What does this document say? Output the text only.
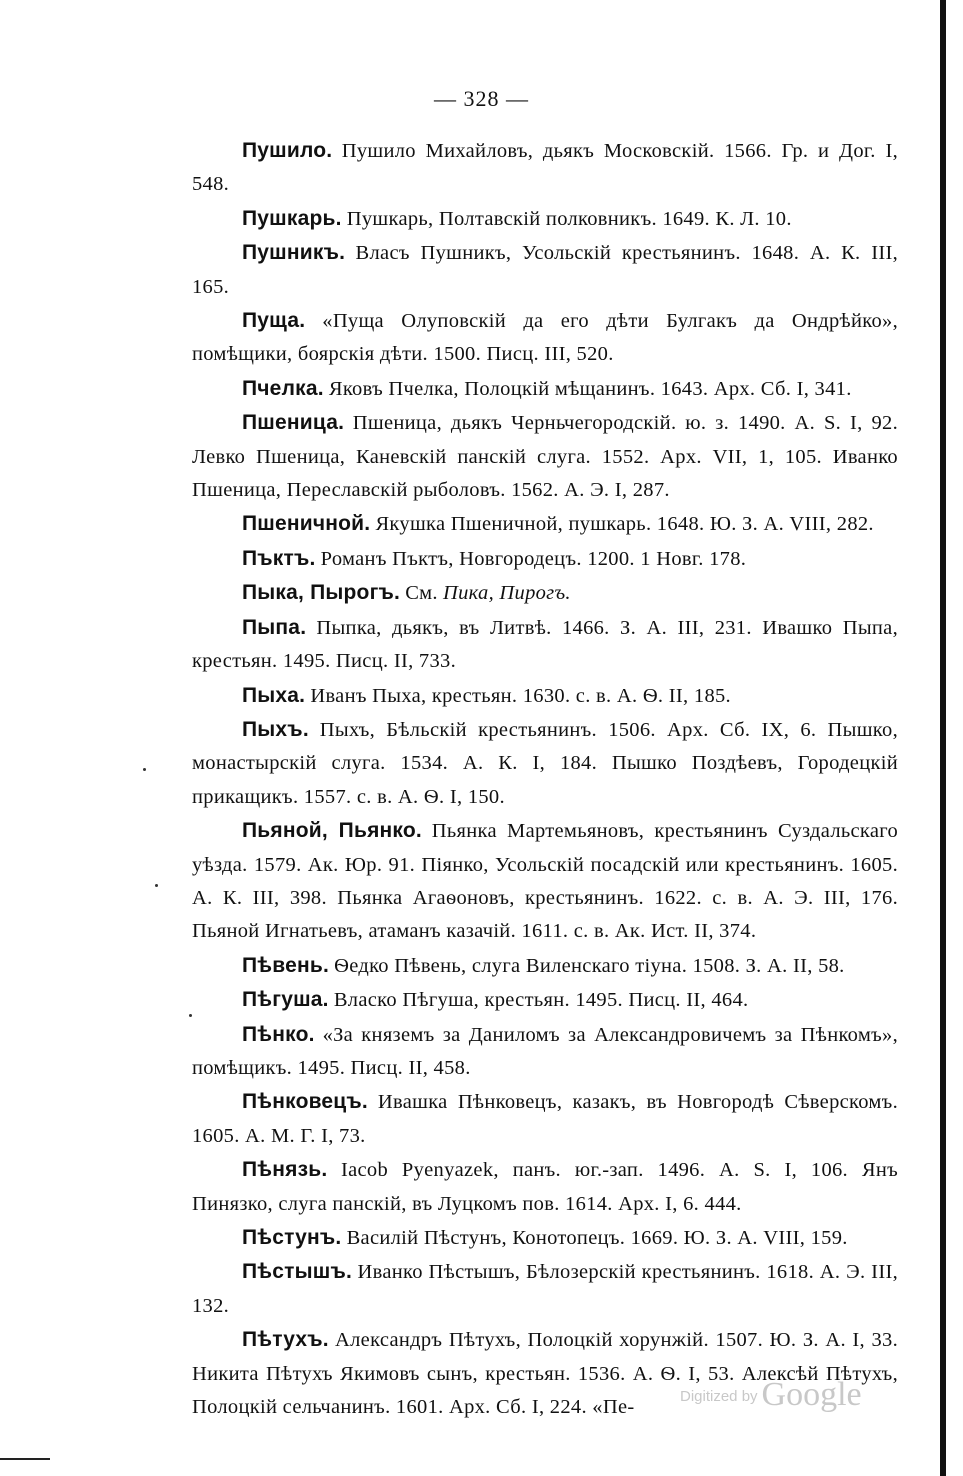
— 328 —

Пушило. Пушило Михайловъ, дьякъ Московскій. 1566. Гр. и Дог. I, 548.

Пушкарь. Пушкарь, Полтавскій полковникъ. 1649. К. Л. 10.

Пушникъ. Власъ Пушникъ, Усольскій крестьянинъ. 1648. А. К. III, 165.

Пуща. «Пуща Олуповскій да его дѣти Булгакъ да Ондрѣйко», помѣщики, боярскія дѣти. 1500. Писц. III, 520.

Пчелка. Яковъ Пчелка, Полоцкій мѣщанинъ. 1643. Арх. Сб. I, 341.

Пшеница. Пшеница, дьякъ Черньчегородскій. ю. з. 1490. А. S. I, 92. Левко Пшеница, Каневскій панскій слуга. 1552. Арх. VII, 1, 105. Иванко Пшеница, Переславскій рыболовъ. 1562. А. Э. I, 287.

Пшеничной. Якушка Пшеничной, пушкарь. 1648. Ю. З. А. VIII, 282.

Пъктъ. Романъ Пъктъ, Новгородецъ. 1200. 1 Новг. 178.

Пыка, Пырогъ. См. Пика, Пирогъ.

Пыпа. Пыпка, дьякъ, въ Литвѣ. 1466. З. А. III, 231. Ивашко Пыпа, крестьян. 1495. Писц. II, 733.

Пыха. Иванъ Пыха, крестьян. 1630. с. в. А. Ѳ. II, 185.

Пыхъ. Пыхъ, Бѣльскій крестьянинъ. 1506. Арх. Сб. IX, 6. Пышко, монастырскій слуга. 1534. А. К. I, 184. Пышко Поздѣевъ, Городецкій прикащикъ. 1557. с. в. А. Ѳ. I, 150.

Пьяной, Пьянко. Пьянка Мартемьяновъ, крестьянинъ Суздальскаго уѣзда. 1579. Ак. Юр. 91. Піянко, Усольскій посадскій или крестьянинъ. 1605. А. К. III, 398. Пьянка Агаѳоновъ, крестьянинъ. 1622. с. в. А. Э. III, 176. Пьяной Игнатьевъ, атаманъ казачій. 1611. с. в. Ак. Ист. II, 374.

Пѣвень. Ѳедко Пѣвень, слуга Виленскаго тіуна. 1508. З. А. II, 58.

Пѣгуша. Власко Пѣгуша, крестьян. 1495. Писц. II, 464.

Пѣнко. «За княземъ за Даниломъ за Александровичемъ за Пѣнкомъ», помѣщикъ. 1495. Писц. II, 458.

Пѣнковецъ. Ивашка Пѣнковецъ, казакъ, въ Новгородѣ Сѣверскомъ. 1605. А. М. Г. I, 73.

Пѣнязь. Iacob Pyenyazek, панъ. юг.-зап. 1496. А. S. I, 106. Янъ Пинязко, слуга панскій, въ Луцкомъ пов. 1614. Арх. I, 6. 444.

Пѣстунъ. Василій Пѣстунъ, Конотопецъ. 1669. Ю. З. А. VIII, 159.

Пѣстышъ. Иванко Пѣстышъ, Бѣлозерскій крестьянинъ. 1618. А. Э. III, 132.

Пѣтухъ. Александръ Пѣтухъ, Полоцкій хорунжій. 1507. Ю. З. А. I, 33. Никита Пѣтухъ Якимовъ сынъ, крестьян. 1536. А. Ѳ. I, 53. Алексѣй Пѣтухъ, Полоцкій сельчанинъ. 1601. Арх. Сб. I, 224. «Пе-	Digitized by Google
